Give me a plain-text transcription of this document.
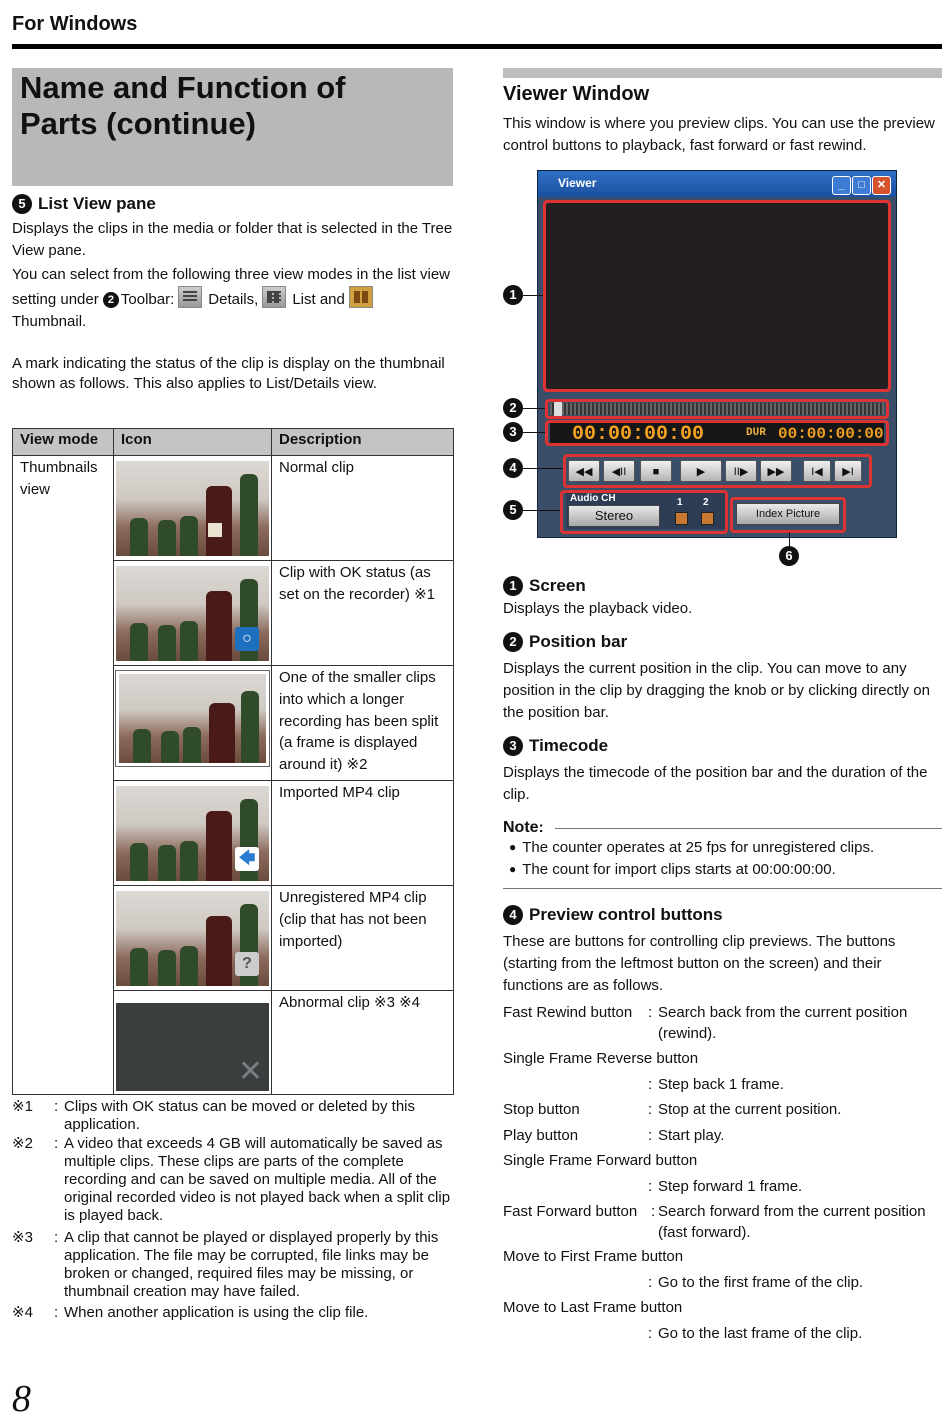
For Windows
Name and Function of
Parts (continue)
5 List View pane

Displays the clips in the media or folder that is selected in the Tree View pane.

You can select from the following three view modes in the list view setting under 2 Toolbar: Details, List and
Thumbnail.

A mark indicating the status of the clip is display on the thumbnail shown as follows. This also applies to List/Details view.

View mode	Icon	Description
Thumbnails view		Normal clip

	○	Clip with OK status (as set on the recorder) ※1

		One of the smaller clips into which a longer recording has been split (a frame is displayed around it) ※2

	🡄	Imported MP4 clip

	?	Unregistered MP4 clip (clip that has not been imported)

	✕	Abnormal clip ※3 ※4
※1 : Clips with OK status can be moved or deleted by this application.
※2 : A video that exceeds 4 GB will automatically be saved as multiple clips. These clips are parts of the complete recording and can be saved on multiple media. All of the original recorded video is not played back when a split clip is played back.
※3 : A clip that cannot be played or displayed properly by this application. The file may be corrupted, file links may be broken or changed, required files may be missing, or thumbnail creation may have failed.
※4 : When another application is using the clip file.
8
Viewer Window

This window is where you preview clips. You can use the preview control buttons to playback, fast forward or fast rewind.

Viewer	_	□	✕
00:00:00:00	DUR 00:00:00:00
◀◀	◀II	■	▶	II▶	▶▶	I◀	▶I
Audio CH
Stereo
1 2
Index Picture
1
2
3
4
5
6
1 Screen

Displays the playback video.

2 Position bar

Displays the current position in the clip. You can move to any position in the clip by dragging the knob or by clicking directly on the position bar.

3 Timecode

Displays the timecode of the position bar and the duration of the clip.

Note:
● The counter operates at 25 fps for unregistered clips.
● The count for import clips starts at 00:00:00:00.
4 Preview control buttons

These are buttons for controlling clip previews. The buttons (starting from the leftmost button on the screen) and their functions are as follows.

Fast Rewind button : Search back from the current position (rewind).
Single Frame Reverse button
: Step back 1 frame.
Stop button	: Stop at the current position.
Play button	: Start play.
Single Frame Forward button
: Step forward 1 frame.
Fast Forward button : Search forward from the current position (fast forward).
Move to First Frame button
: Go to the first frame of the clip.
Move to Last Frame button
: Go to the last frame of the clip.
